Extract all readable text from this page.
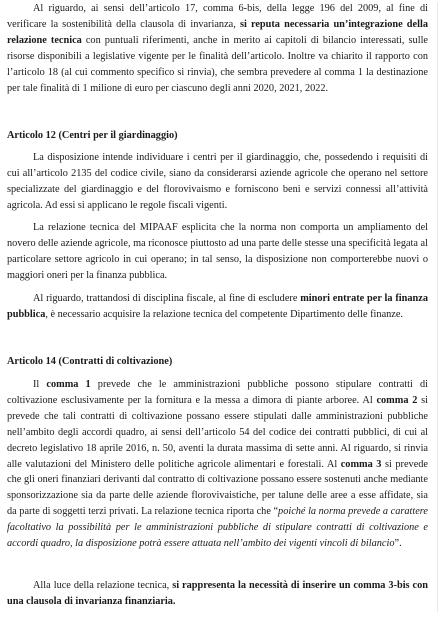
Al riguardo, ai sensi dell’articolo 17, comma 6-bis, della legge 196 del 2009, al fine di verificare la sostenibilità della clausola di invarianza, si reputa necessaria un’integrazione della relazione tecnica con puntuali riferimenti, anche in merito ai capitoli di bilancio interessati, sulle risorse disponibili a legislative vigente per le finalità dell’articolo. Inoltre va chiarito il rapporto con l’articolo 18 (al cui commento specifico si rinvia), che sembra prevedere al comma 1 la destinazione per tale finalità di 1 milione di euro per ciascuno degli anni 2020, 2021, 2022.

Articolo 12 (Centri per il giardinaggio)

La disposizione intende individuare i centri per il giardinaggio, che, possedendo i requisiti di cui all’articolo 2135 del codice civile, siano da considerarsi aziende agricole che operano nel settore specializzate del giardinaggio e del florovivaismo e forniscono beni e servizi connessi all’attività agricola. Ad essi si applicano le regole fiscali vigenti.

La relazione tecnica del MIPAAF esplicita che la norma non comporta un ampliamento del novero delle aziende agricole, ma riconosce piuttosto ad una parte delle stesse una specificità legata al particolare settore agricolo in cui operano; in tal senso, la disposizione non comporterebbe nuovi o maggiori oneri per la finanza pubblica.

Al riguardo, trattandosi di disciplina fiscale, al fine di escludere minori entrate per la finanza pubblica, è necessario acquisire la relazione tecnica del competente Dipartimento delle finanze.

Articolo 14 (Contratti di coltivazione)

Il comma 1 prevede che le amministrazioni pubbliche possono stipulare contratti di coltivazione esclusivamente per la fornitura e la messa a dimora di piante arboree. Al comma 2 si prevede che tali contratti di coltivazione possano essere stipulati dalle amministrazioni pubbliche nell’ambito degli accordi quadro, ai sensi dell’articolo 54 del codice dei contratti pubblici, di cui al decreto legislativo 18 aprile 2016, n. 50, aventi la durata massima di sette anni. Al riguardo, si rinvia alle valutazioni del Ministero delle politiche agricole alimentari e forestali. Al comma 3 si prevede che gli oneri finanziari derivanti dal contratto di coltivazione possano essere sostenuti anche mediante sponsorizzazione sia da parte delle aziende florovivaistiche, per talune delle aree a esse affidate, sia da parte di soggetti terzi privati. La relazione tecnica riporta che “poiché la norma prevede a carattere facoltativo la possibilità per le amministrazioni pubbliche di stipulare contratti di coltivazione e accordi quadro, la disposizione potrà essere attuata nell’ambito dei vigenti vincoli di bilancio”.

Alla luce della relazione tecnica, si rappresenta la necessità di inserire un comma 3-bis con una clausola di invarianza finanziaria.
